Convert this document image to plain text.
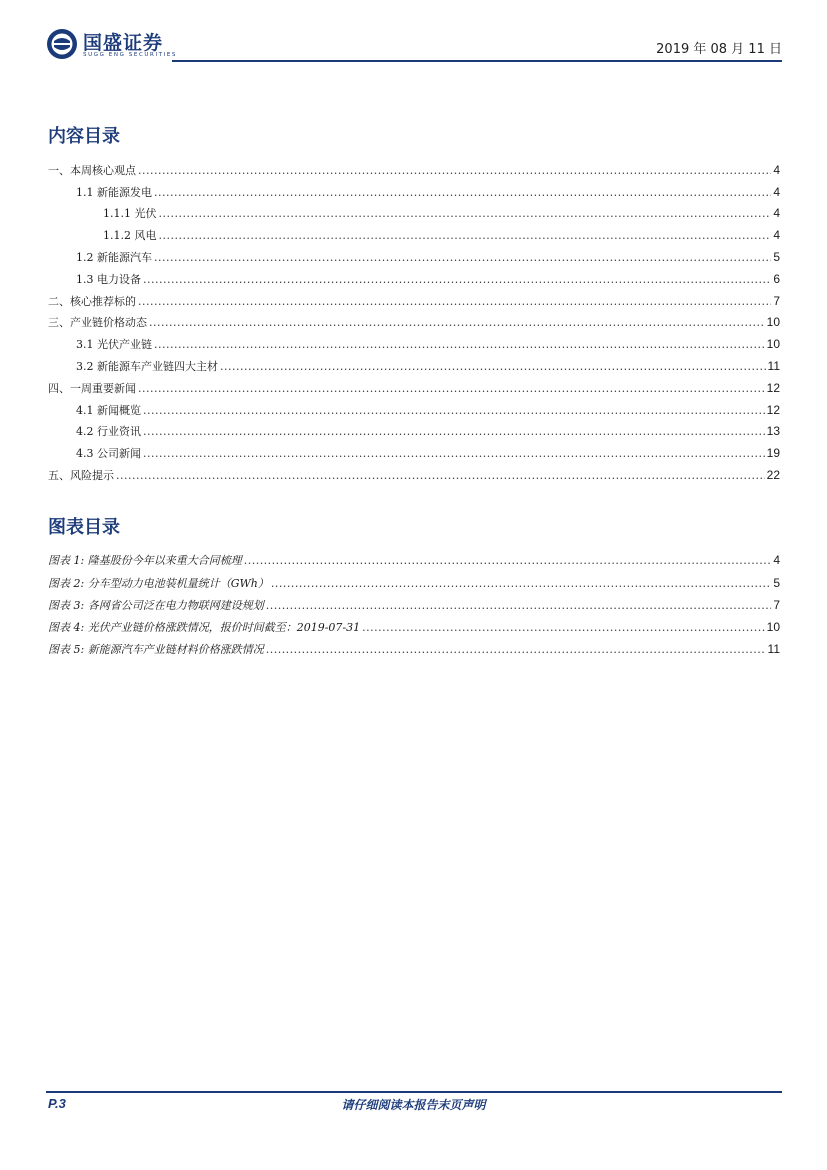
国盛证券
SUGG ENG SECURITIES	2019 年 08 月 11 日
内容目录
一、本周核心观点 .....	4
1.1 新能源发电 .....	4
1.1.1 光伏 .....	4
1.1.2 风电 .....	4
1.2 新能源汽车 .....	5
1.3 电力设备 .....	6
二、核心推荐标的 .....	7
三、产业链价格动态 .....	10
3.1 光伏产业链 .....	10
3.2 新能源车产业链四大主材 .....	11
四、一周重要新闻 .....	12
4.1 新闻概览 .....	12
4.2 行业资讯 .....	13
4.3 公司新闻 .....	19
五、风险提示 .....	22
图表目录
图表 1: 隆基股份今年以来重大合同梳理 .....	4
图表 2: 分车型动力电池装机量统计（GWh） .....	5
图表 3: 各网省公司泛在电力物联网建设规划 .....	7
图表 4: 光伏产业链价格涨跌情况，报价时间截至：2019-07-31 .....	10
图表 5: 新能源汽车产业链材料价格涨跌情况 .....	11
请仔细阅读本报告末页声明
P.3
